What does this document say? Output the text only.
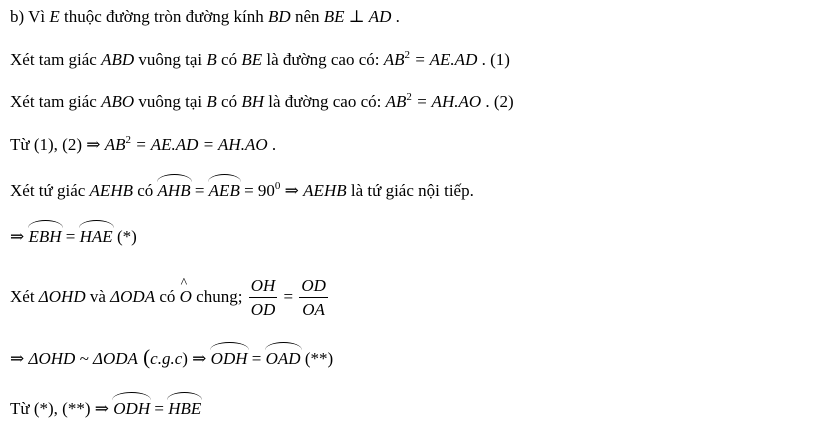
b) Vì E thuộc đường tròn đường kính BD nên BE ⊥ AD .
Xét tam giác ABD vuông tại B có BE là đường cao có: $AB^2 = AE.AD$ . (1)
Xét tam giác ABO vuông tại B có BH là đường cao có: $AB^2 = AH.AO$ . (2)
Từ (1), (2) ⇒ $AB^2 = AE.AD = AH.AO$ .
Xét tứ giác AEHB có AHB = AEB = $90^0$ ⇒ AEHB là tứ giác nội tiếp.
⇒ EBH = HAE (*)
Xét ΔOHD và ΔODA có ^ O chung; $\frac{OH}{OD} = \frac{OD}{OA}$
⇒ ΔOHD ~ ΔODA (c.g.c) ⇒ ODH = OAD (**)
Từ (*), (**) ⇒ ODH = HBE
